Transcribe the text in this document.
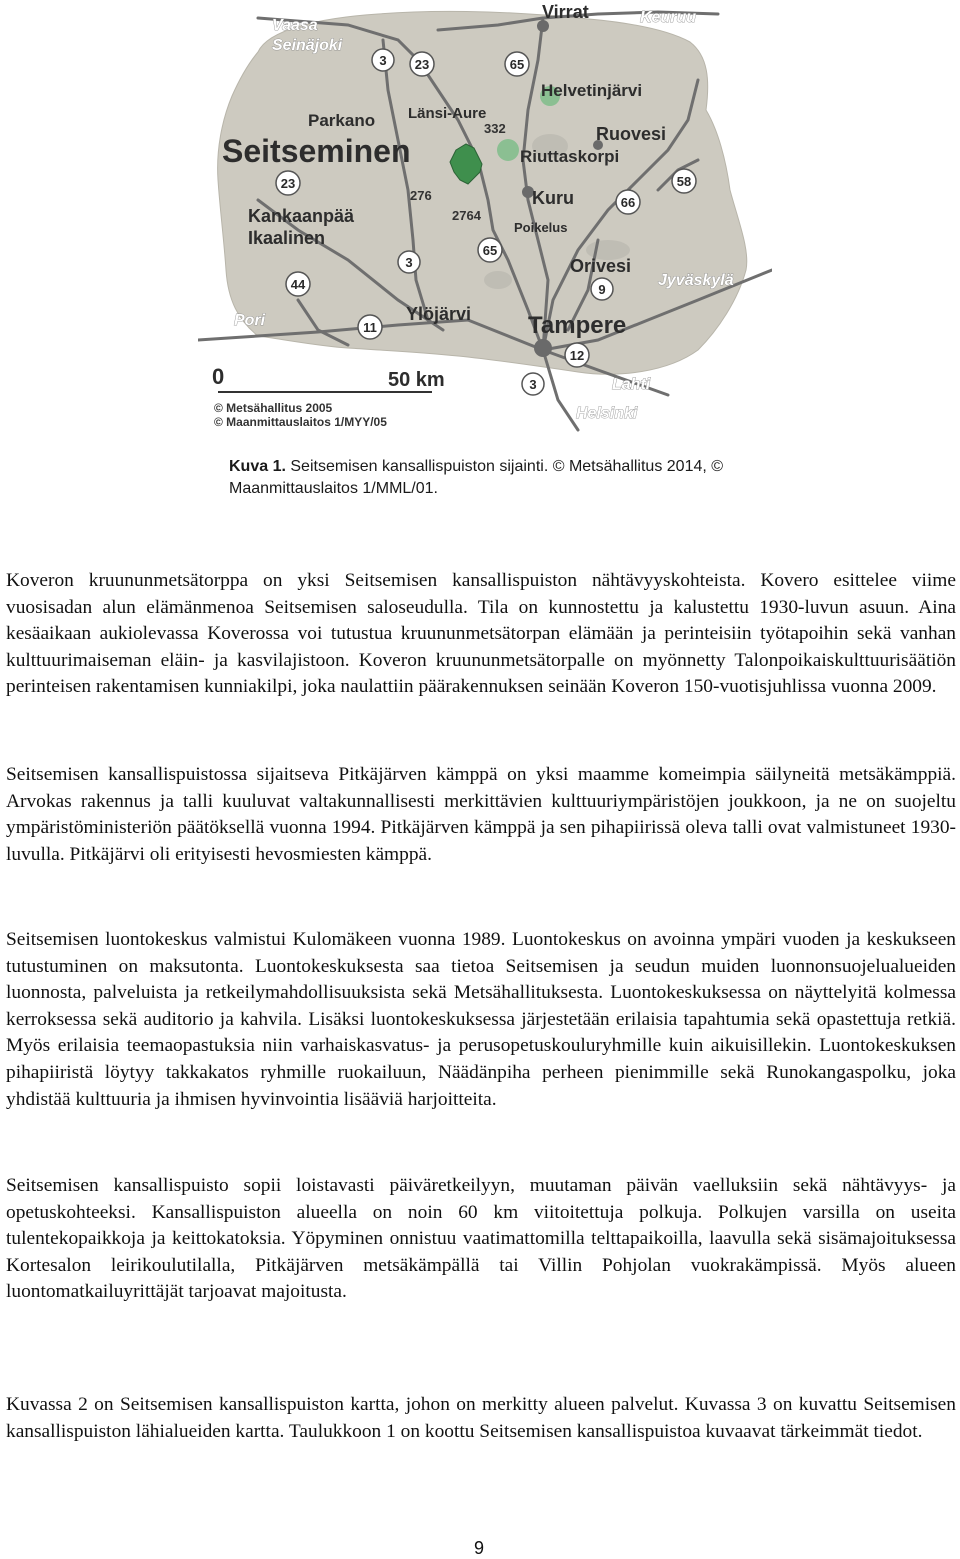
3 23	65
23
66
58
65
3
44	9
11
12
3
332
276
2764
Vaasa
Seinäjoki
Virrat	Keuruu
Helvetinjärvi
Parkano Länsi-Aure
Ruovesi
Riuttaskorpi
Seitseminen
Kuru
Poikelus
Kankaanpää
Ikaalinen
Orivesi
Jyväskylä
Pori	Ylöjärvi Tampere
Lahti
Helsinki
0	50 km
© Metsähallitus 2005
© Maanmittauslaitos 1/MYY/05
Kuva 1. Seitsemisen kansallispuiston sijainti. © Metsähallitus 2014, © Maanmittauslaitos 1/MML/01.

Koveron kruununmetsätorppa on yksi Seitsemisen kansallispuiston nähtävyyskohteista. Kovero esittelee viime vuosisadan alun elämänmenoa Seitsemisen saloseudulla. Tila on kunnostettu ja kalustettu 1930-luvun asuun. Aina kesäaikaan aukiolevassa Koverossa voi tutustua kruununmetsätorpan elämään ja perinteisiin työtapoihin sekä vanhan kulttuurimaiseman eläin- ja kasvilajistoon. Koveron kruununmetsätorpalle on myönnetty Talonpoikaiskulttuurisäätiön perinteisen rakentamisen kunniakilpi, joka naulattiin päärakennuksen seinään Koveron 150-vuotisjuhlissa vuonna 2009.

Seitsemisen kansallispuistossa sijaitseva Pitkäjärven kämppä on yksi maamme komeimpia säilyneitä metsäkämppiä. Arvokas rakennus ja talli kuuluvat valtakunnallisesti merkittävien kulttuuriympäristöjen joukkoon, ja ne on suojeltu ympäristöministeriön päätöksellä vuonna 1994. Pitkäjärven kämppä ja sen pihapiirissä oleva talli ovat valmistuneet 1930-luvulla. Pitkäjärvi oli erityisesti hevosmiesten kämppä.

Seitsemisen luontokeskus valmistui Kulomäkeen vuonna 1989. Luontokeskus on avoinna ympäri vuoden ja keskukseen tutustuminen on maksutonta. Luontokeskuksesta saa tietoa Seitsemisen ja seudun muiden luonnonsuojelualueiden luonnosta, palveluista ja retkeilymahdollisuuksista sekä Metsähallituksesta. Luontokeskuksessa on näyttelyitä kolmessa kerroksessa sekä auditorio ja kahvila. Lisäksi luontokeskuksessa järjestetään erilaisia tapahtumia sekä opastettuja retkiä. Myös erilaisia teemaopastuksia niin varhaiskasvatus- ja perusopetuskouluryhmille kuin aikuisillekin. Luontokeskuksen pihapiiristä löytyy takkakatos ryhmille ruokailuun, Näädänpiha perheen pienimmille sekä Runokangaspolku, joka yhdistää kulttuuria ja ihmisen hyvinvointia lisääviä harjoitteita.

Seitsemisen kansallispuisto sopii loistavasti päiväretkeilyyn, muutaman päivän vaelluksiin sekä nähtävyys- ja opetuskohteeksi. Kansallispuiston alueella on noin 60 km viitoitettuja polkuja. Polkujen varsilla on useita tulentekopaikkoja ja keittokatoksia. Yöpyminen onnistuu vaatimattomilla telttapaikoilla, laavulla sekä sisämajoituksessa Kortesalon leirikoulutilalla, Pitkäjärven metsäkämpällä tai Villin Pohjolan vuokrakämpissä. Myös alueen luontomatkailuyrittäjät tarjoavat majoitusta.

Kuvassa 2 on Seitsemisen kansallispuiston kartta, johon on merkitty alueen palvelut. Kuvassa 3 on kuvattu Seitsemisen kansallispuiston lähialueiden kartta. Taulukkoon 1 on koottu Seitsemisen kansallispuistoa kuvaavat tärkeimmät tiedot.

9
